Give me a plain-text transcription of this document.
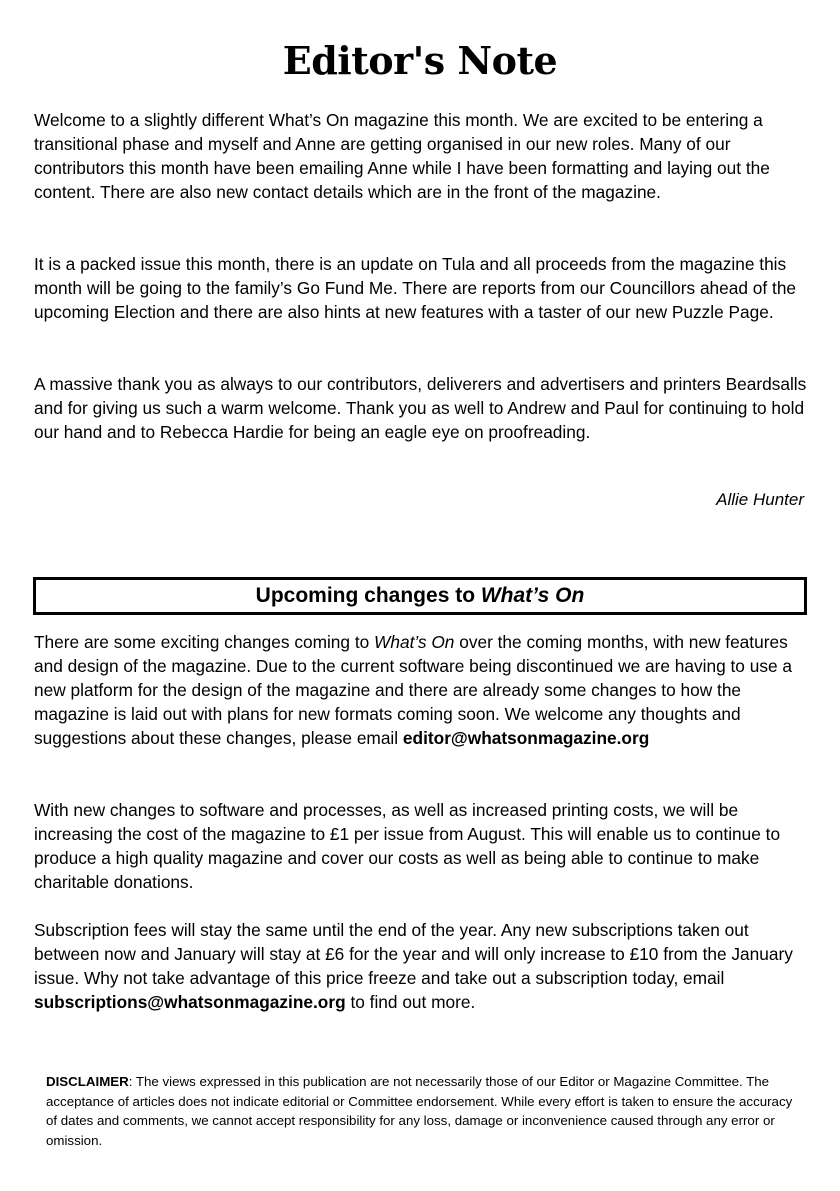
Editor's Note

Welcome to a slightly different What’s On magazine this month. We are excited to be entering a transitional phase and myself and Anne are getting organised in our new roles. Many of our contributors this month have been emailing Anne while I have been formatting and laying out the content. There are also new contact details which are in the front of the magazine.

It is a packed issue this month, there is an update on Tula and all proceeds from the magazine this month will be going to the family’s Go Fund Me. There are reports from our Councillors ahead of the upcoming Election and there are also hints at new features with a taster of our new Puzzle Page.

A massive thank you as always to our contributors, deliverers and advertisers and printers Beardsalls and for giving us such a warm welcome. Thank you as well to Andrew and Paul for continuing to hold our hand and to Rebecca Hardie for being an eagle eye on proofreading.

Allie Hunter

Upcoming changes to What’s On

There are some exciting changes coming to What’s On over the coming months, with new features and design of the magazine. Due to the current software being discontinued we are having to use a new platform for the design of the magazine and there are already some changes to how the magazine is laid out with plans for new formats coming soon. We welcome any thoughts and suggestions about these changes, please email editor@whatsonmagazine.org

With new changes to software and processes, as well as increased printing costs, we will be increasing the cost of the magazine to £1 per issue from August. This will enable us to continue to produce a high quality magazine and cover our costs as well as being able to continue to make charitable donations.

Subscription fees will stay the same until the end of the year. Any new subscriptions taken out between now and January will stay at £6 for the year and will only increase to £10 from the January issue. Why not take advantage of this price freeze and take out a subscription today, email subscriptions@whatsonmagazine.org to find out more.

DISCLAIMER: The views expressed in this publication are not necessarily those of our Editor or Magazine Committee. The acceptance of articles does not indicate editorial or Committee endorsement. While every effort is taken to ensure the accuracy of dates and comments, we cannot accept responsibility for any loss, damage or inconvenience caused through any error or omission.
